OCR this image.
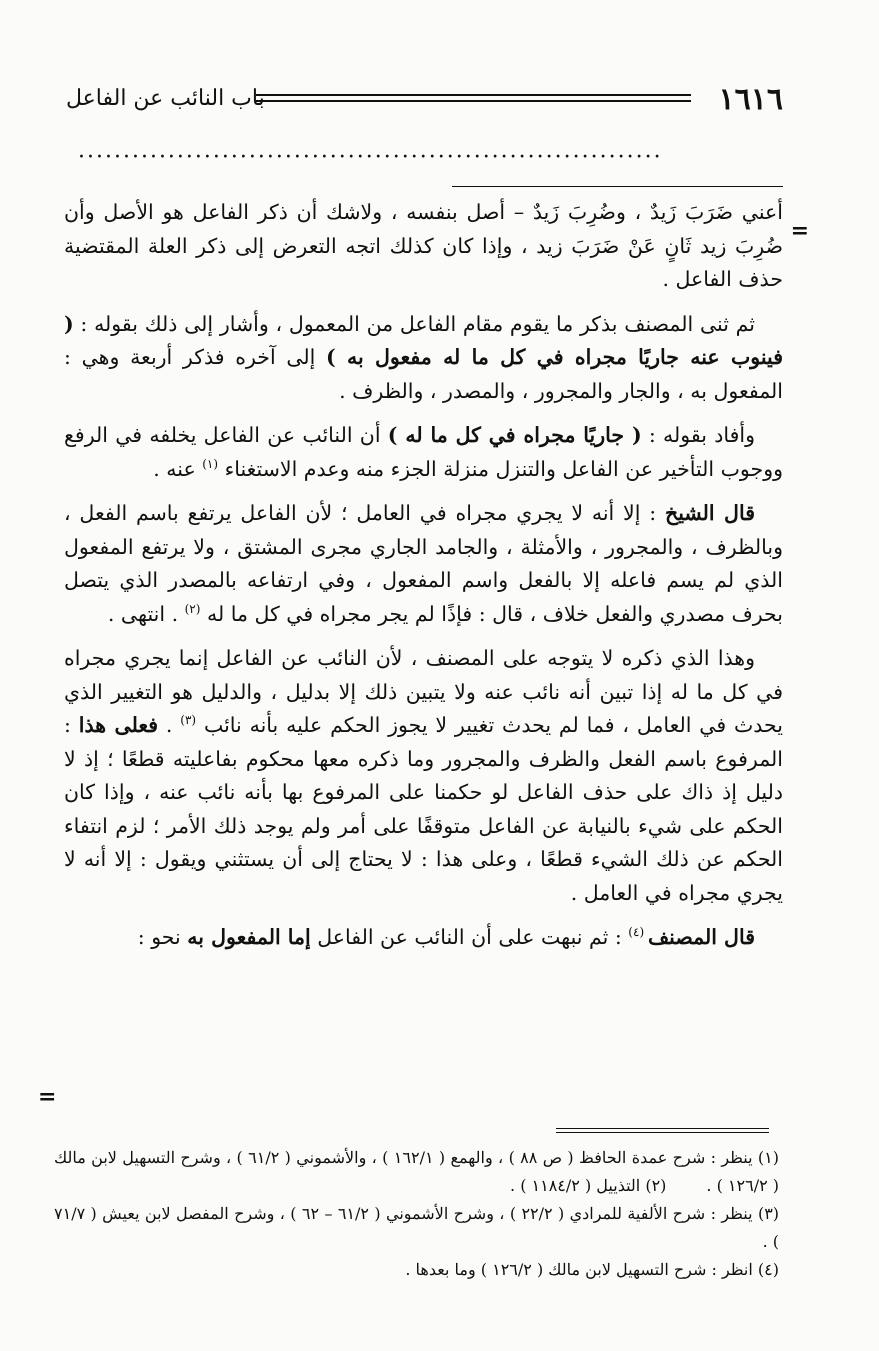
١٦١٦
باب النائب عن الفاعل
·································································
=

أعني ضَرَبَ زَيدٌ ، وضُرِبَ زَيدٌ – أصل بنفسه ، ولاشك أن ذكر الفاعل هو الأصل وأن ضُرِبَ زيد ثَانٍ عَنْ ضَرَبَ زيد ، وإذا كان كذلك اتجه التعرض إلى ذكر العلة المقتضية حذف الفاعل .

ثم ثنى المصنف بذكر ما يقوم مقام الفاعل من المعمول ، وأشار إلى ذلك بقوله : ( فينوب عنه جاريًا مجراه في كل ما له مفعول به ) إلى آخره فذكر أربعة وهي : المفعول به ، والجار والمجرور ، والمصدر ، والظرف .

وأفاد بقوله : ( جاريًا مجراه في كل ما له ) أن النائب عن الفاعل يخلفه في الرفع ووجوب التأخير عن الفاعل والتنزل منزلة الجزء منه وعدم الاستغناء $^{(١)}$ عنه .

قال الشيخ : إلا أنه لا يجري مجراه في العامل ؛ لأن الفاعل يرتفع باسم الفعل ، وبالظرف ، والمجرور ، والأمثلة ، والجامد الجاري مجرى المشتق ، ولا يرتفع المفعول الذي لم يسم فاعله إلا بالفعل واسم المفعول ، وفي ارتفاعه بالمصدر الذي يتصل بحرف مصدري والفعل خلاف ، قال : فإذًا لم يجر مجراه في كل ما له $^{(٢)}$ . انتهى .

وهذا الذي ذكره لا يتوجه على المصنف ، لأن النائب عن الفاعل إنما يجري مجراه في كل ما له إذا تبين أنه نائب عنه ولا يتبين ذلك إلا بدليل ، والدليل هو التغيير الذي يحدث في العامل ، فما لم يحدث تغيير لا يجوز الحكم عليه بأنه نائب $^{(٣)}$ . فعلى هذا : المرفوع باسم الفعل والظرف والمجرور وما ذكره معها محكوم بفاعليته قطعًا ؛ إذ لا دليل إذ ذاك على حذف الفاعل لو حكمنا على المرفوع بها بأنه نائب عنه ، وإذا كان الحكم على شيء بالنيابة عن الفاعل متوقفًا على أمر ولم يوجد ذلك الأمر ؛ لزم انتفاء الحكم عن ذلك الشيء قطعًا ، وعلى هذا : لا يحتاج إلى أن يستثني ويقول : إلا أنه لا يجري مجراه في العامل .

قال المصنف $^{(٤)}$ : ثم نبهت على أن النائب عن الفاعل إما المفعول به نحو :

=

(١) ينظر : شرح عمدة الحافظ ( ص ٨٨ ) ، والهمع ( ١٦٢/١ ) ، والأشموني ( ٦١/٢ ) ، وشرح التسهيل لابن مالك ( ١٢٦/٢ ) .(٢) التذييل ( ١١٨٤/٢ ) .

(٣) ينظر : شرح الألفية للمرادي ( ٢٢/٢ ) ، وشرح الأشموني ( ٦١/٢ – ٦٢ ) ، وشرح المفصل لابن يعيش ( ٧١/٧ ) .

(٤) انظر : شرح التسهيل لابن مالك ( ١٢٦/٢ ) وما بعدها .
